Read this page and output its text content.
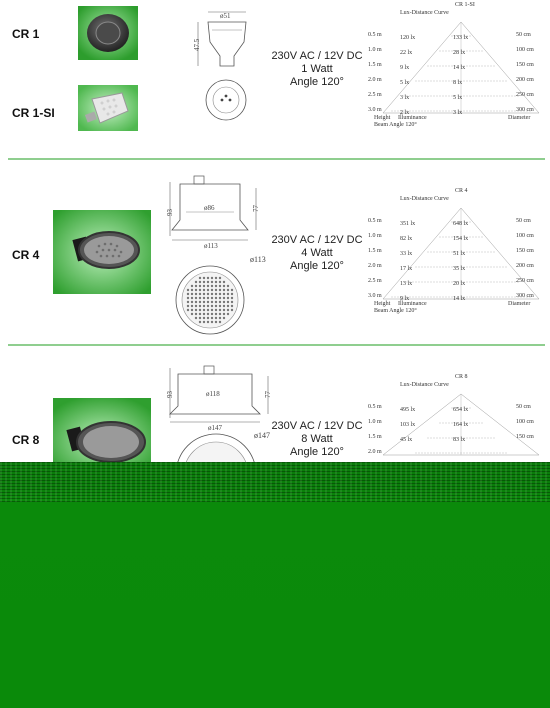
CR 1
CR 1-SI
ø51
47.5
230V AC / 12V DC
1 Watt
Angle 120°
CR 1-SI
Lux-Distance Curve
0.5 m	120 lx	133 lx	50 cm
1.0 m	22 lx	28 lx	100 cm
1.5 m	9 lx	14 lx	150 cm
2.0 m	5 lx	8 lx	200 cm
2.5 m	3 lx	5 lx	250 cm
3.0 m	2 lx	3 lx	300 cm
Height Illuminance	Diameter
Beam Angle 120°
CR 4
93
ø86	77
ø113
ø113
230V AC / 12V DC
4 Watt
Angle 120°
CR 4
Lux-Distance Curve
0.5 m	351 lx	648 lx	50 cm
1.0 m	82 lx	154 lx	100 cm
1.5 m	33 lx	51 lx	150 cm
2.0 m	17 lx	35 lx	200 cm
2.5 m	13 lx	20 lx	250 cm
3.0 m	9 lx	14 lx	300 cm
Height Illuminance	Diameter
Beam Angle 120°
CR 8
93	ø118	77
ø147
ø147
230V AC / 12V DC
8 Watt
Angle 120°
CR 8
Lux-Distance Curve
0.5 m	495 lx	654 lx	50 cm
1.0 m	103 lx	164 lx	100 cm
1.5 m	45 lx	83 lx	150 cm
2.0 m
